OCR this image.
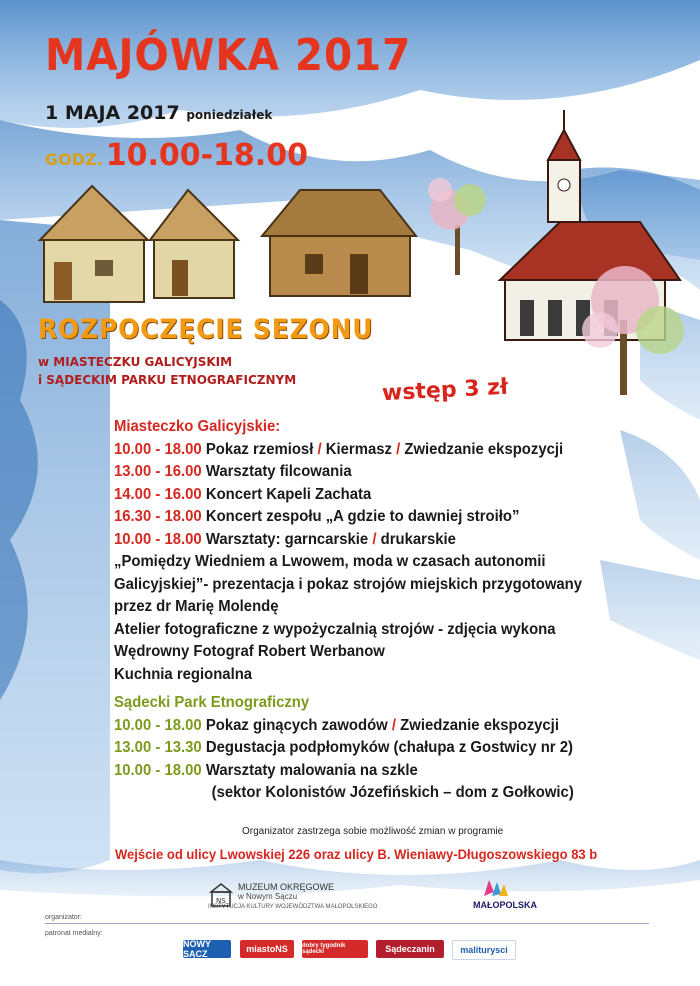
MAJÓWKA 2017
1 MAJA 2017 poniedziałek
GODZ. 10.00-18.00
ROZPOCZĘCIE SEZONU
w MIASTECZKU GALICYJSKIM
i SĄDECKIM PARKU ETNOGRAFICZNYM	wstęp 3 zł
Miasteczko Galicyjskie:
10.00 - 18.00 Pokaz rzemiosł / Kiermasz / Zwiedzanie ekspozycji
13.00 - 16.00 Warsztaty filcowania
14.00 - 16.00 Koncert Kapeli Zachata
16.30 - 18.00 Koncert zespołu „A gdzie to dawniej stroiło”
10.00 - 18.00 Warsztaty: garncarskie / drukarskie
„Pomiędzy Wiedniem a Lwowem, moda w czasach autonomii
Galicyjskiej”- prezentacja i pokaz strojów miejskich przygotowany
przez dr Marię Molendę
Atelier fotograficzne z wypożyczalnią strojów - zdjęcia wykona
Wędrowny Fotograf Robert Werbanow
Kuchnia regionalna
Sądecki Park Etnograficzny
10.00 - 18.00 Pokaz ginących zawodów / Zwiedzanie ekspozycji
13.00 - 13.30 Degustacja podpłomyków (chałupa z Gostwicy nr 2)
10.00 - 18.00 Warsztaty malowania na szkle
(sektor Kolonistów Józefińskich – dom z Gołkowic)
Organizator zastrzega sobie możliwość zmian w programie
Wejście od ulicy Lwowskiej 226 oraz ulicy B. Wieniawy-Długoszowskiego 83 b
NS
MUZEUM OKRĘGOWE
w Nowym Sączu
INSTYTUCJA KULTURY WOJEWÓDZTWA MAŁOPOLSKIEGO	MAŁOPOLSKA
organizator:
patronat medialny:
NOWY SĄCZ	miastoNS	dobry tygodnik sądecki	Sądeczanin	maliturysci
